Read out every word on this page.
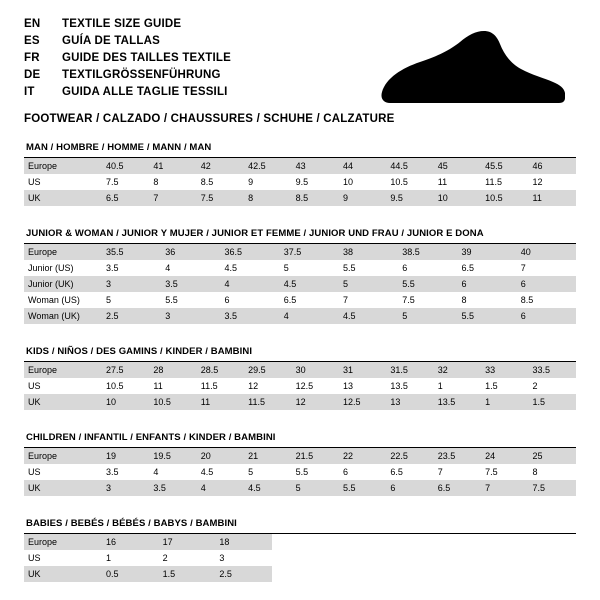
EN	TEXTILE SIZE GUIDE
ES	GUÍA DE TALLAS
FR	GUIDE DES TAILLES TEXTILE
DE	TEXTILGRÖSSENFÜHRUNG
IT	GUIDA ALLE TAGLIE TESSILI
FOOTWEAR / CALZADO / CHAUSSURES / SCHUHE / CALZATURE
MAN / HOMBRE / HOMME / MANN / MAN
Europe	40.5	41	42	42.5	43	44	44.5	45	45.5	46
US	7.5	8	8.5	9	9.5	10	10.5	11	11.5	12
UK	6.5	7	7.5	8	8.5	9	9.5	10	10.5	11
JUNIOR & WOMAN / JUNIOR Y MUJER / JUNIOR ET FEMME / JUNIOR UND FRAU / JUNIOR E DONA
Europe	35.5	36	36.5	37.5	38	38.5	39	40
Junior (US)	3.5	4	4.5	5	5.5	6	6.5	7
Junior (UK)	3	3.5	4	4.5	5	5.5	6	6
Woman (US)	5	5.5	6	6.5	7	7.5	8	8.5
Woman (UK)	2.5	3	3.5	4	4.5	5	5.5	6
KIDS / NIÑOS / DES GAMINS / KINDER / BAMBINI
Europe	27.5	28	28.5	29.5	30	31	31.5	32	33	33.5
US	10.5	11	11.5	12	12.5	13	13.5	1	1.5	2
UK	10	10.5	11	11.5	12	12.5	13	13.5	1	1.5
CHILDREN / INFANTIL / ENFANTS / KINDER / BAMBINI
Europe	19	19.5	20	21	21.5	22	22.5	23.5	24	25
US	3.5	4	4.5	5	5.5	6	6.5	7	7.5	8
UK	3	3.5	4	4.5	5	5.5	6	6.5	7	7.5
BABIES / BEBÉS / BÉBÉS / BABYS / BAMBINI
Europe	16	17	18
US	1	2	3
UK	0.5	1.5	2.5
